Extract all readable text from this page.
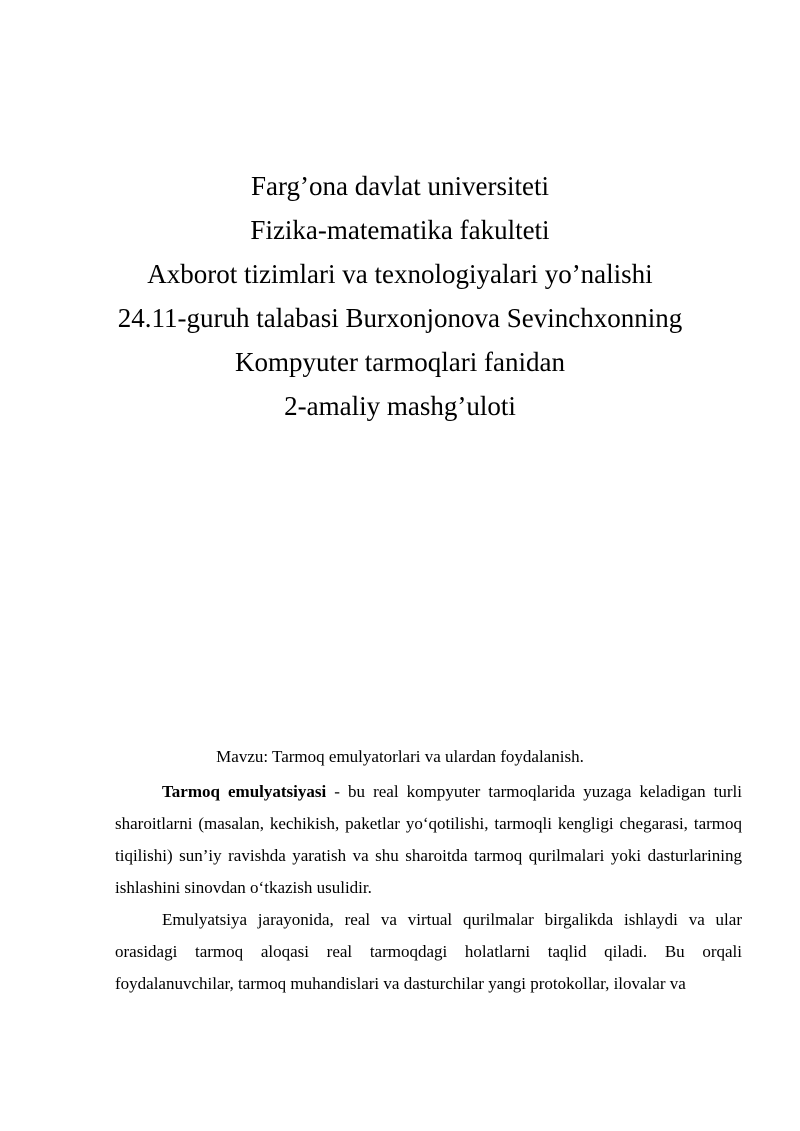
Farg’ona davlat universiteti

Fizika-matematika fakulteti

Axborot tizimlari va texnologiyalari yo’nalishi

24.11-guruh talabasi Burxonjonova Sevinchxonning

Kompyuter tarmoqlari fanidan

2-amaliy mashg’uloti

Mavzu: Tarmoq emulyatorlari va ulardan foydalanish.

Tarmoq emulyatsiyasi - bu real kompyuter tarmoqlarida yuzaga keladigan turli sharoitlarni (masalan, kechikish, paketlar yo‘qotilishi, tarmoqli kengligi chegarasi, tarmoq tiqilishi) sun’iy ravishda yaratish va shu sharoitda tarmoq qurilmalari yoki dasturlarining ishlashini sinovdan o‘tkazish usulidir.

Emulyatsiya jarayonida, real va virtual qurilmalar birgalikda ishlaydi va ular orasidagi tarmoq aloqasi real tarmoqdagi holatlarni taqlid qiladi. Bu orqali foydalanuvchilar, tarmoq muhandislari va dasturchilar yangi protokollar, ilovalar va
